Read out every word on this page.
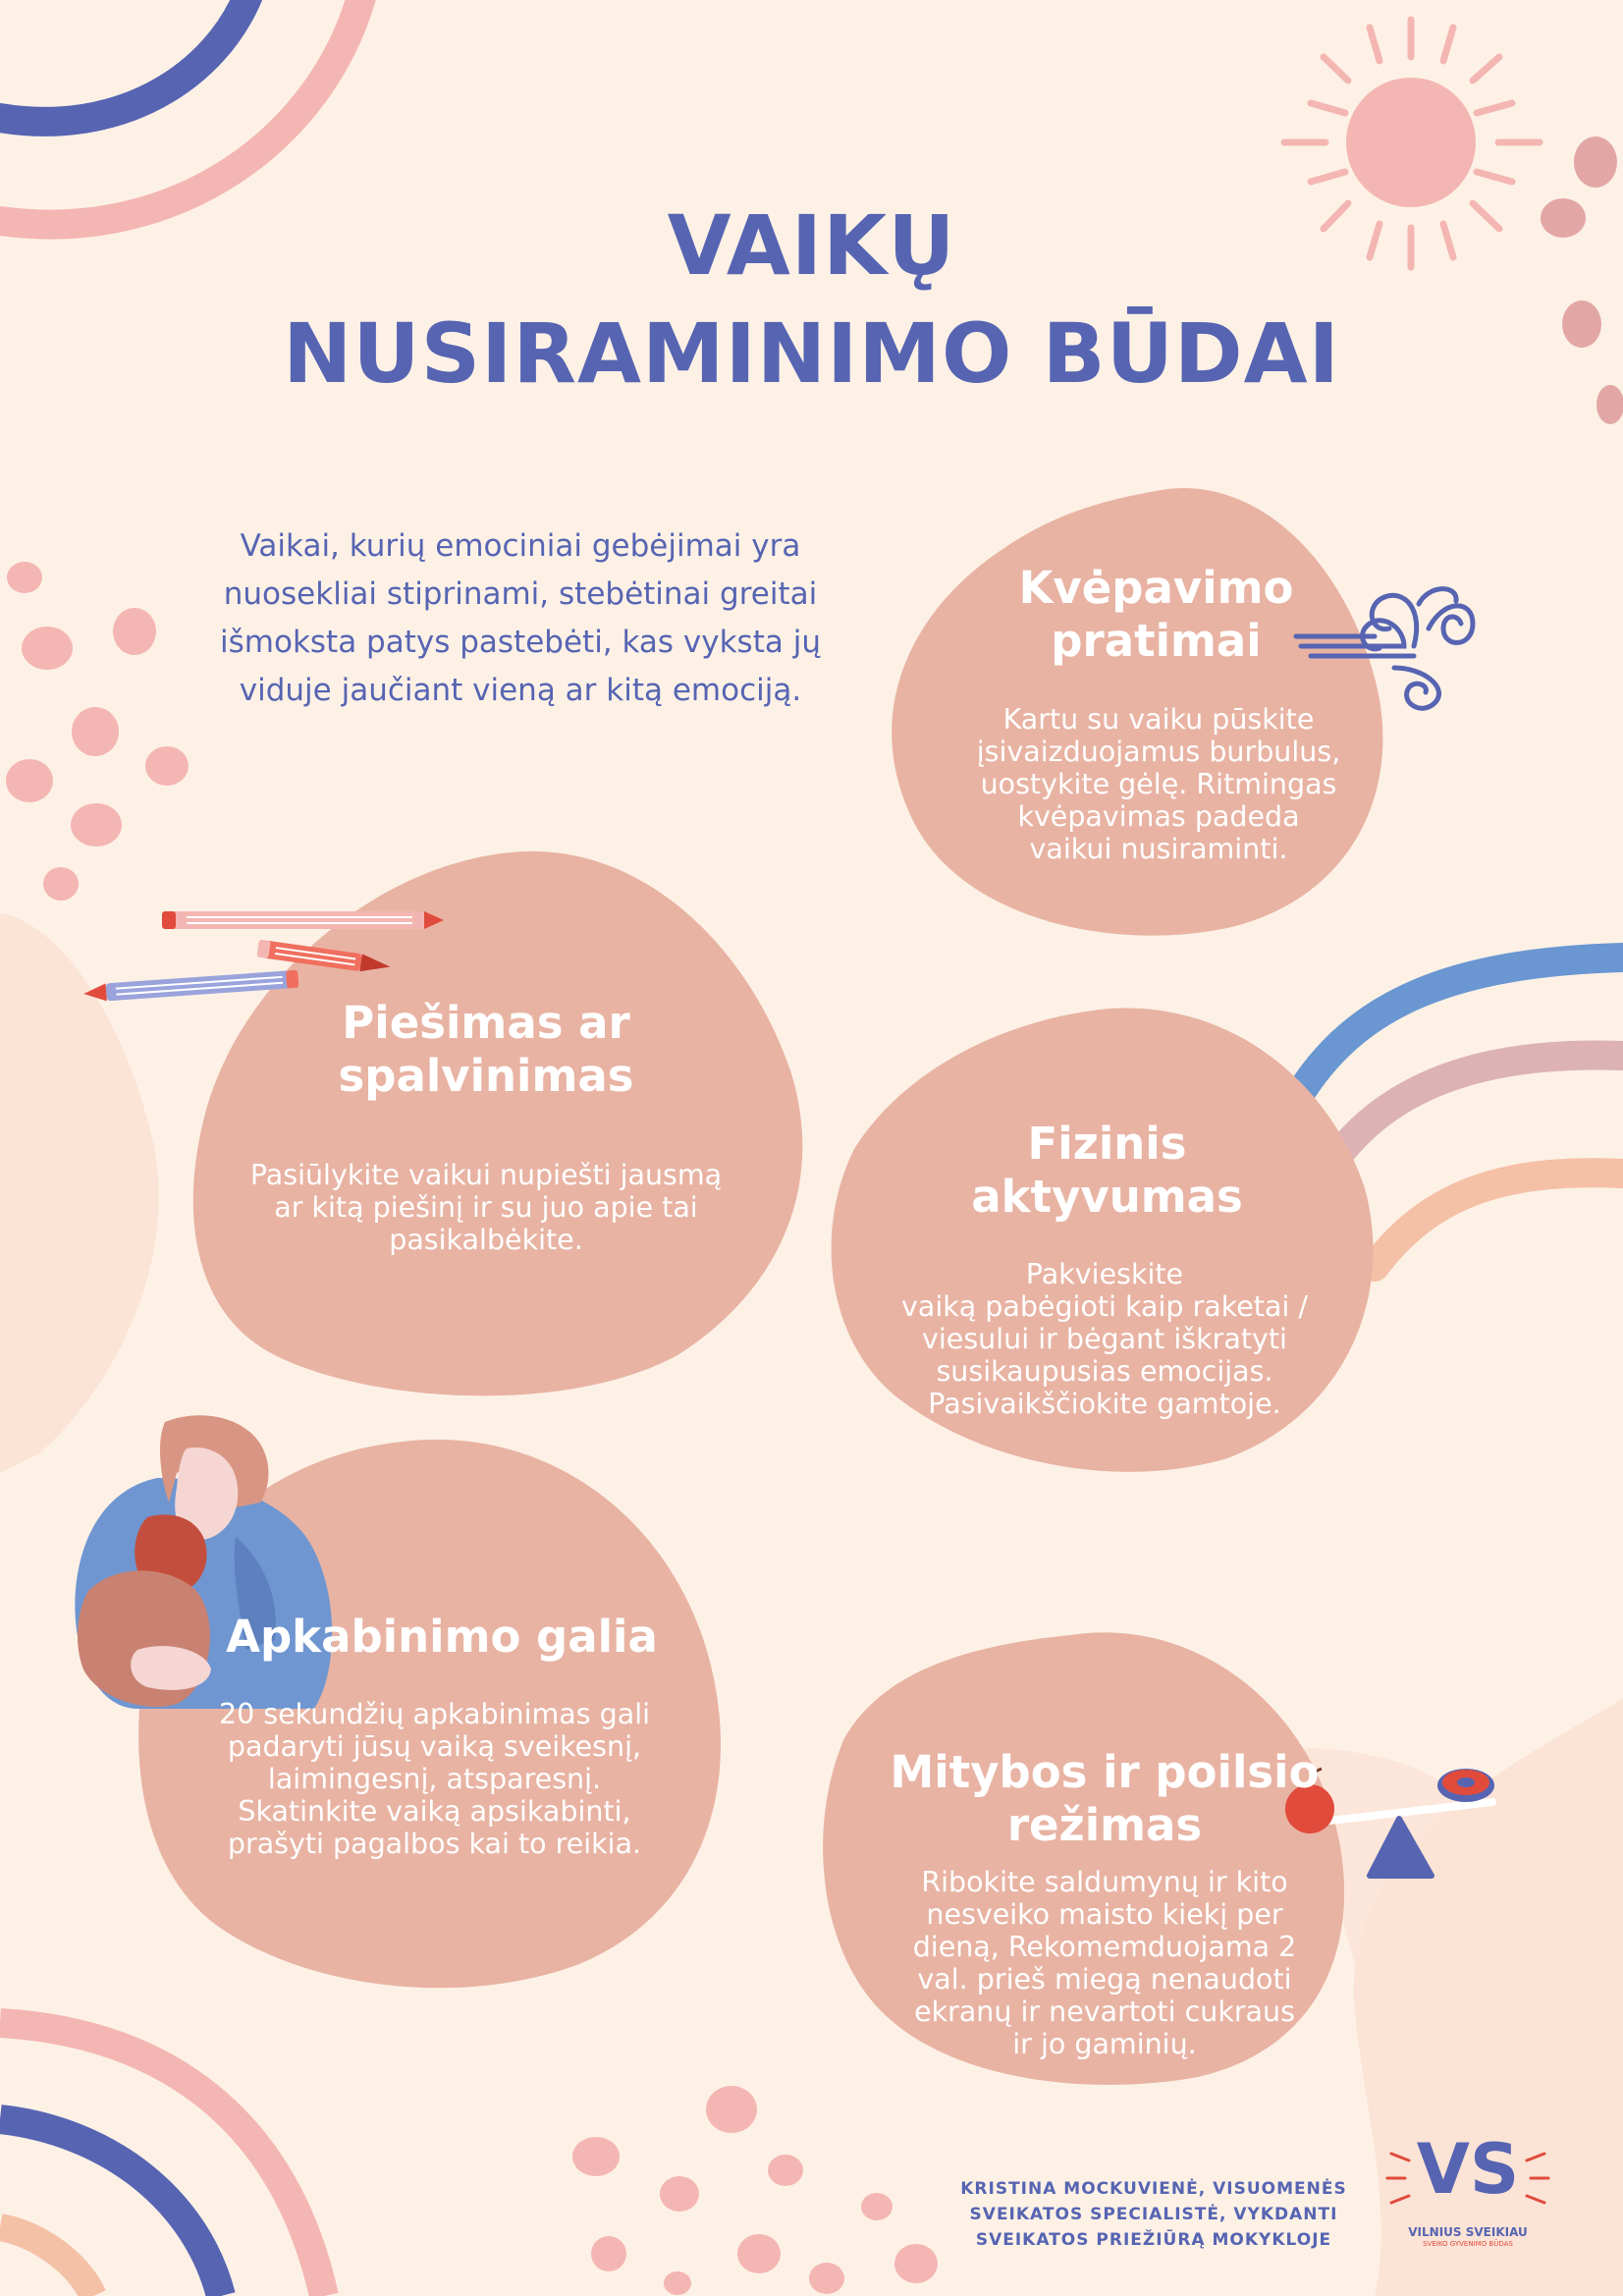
VAIKŲ
NUSIRAMINIMO BŪDAI

Vaikai, kurių emociniai gebėjimai yra nuosekliai stiprinami, stebėtinai greitai išmoksta patys pastebėti, kas vyksta jų viduje jaučiant vieną ar kitą emociją.

Kvėpavimo
pratimai

Kartu su vaiku pūskite
įsivaizduojamus burbulus,
uostykite gėlę. Ritmingas
kvėpavimas padeda
vaikui nusiraminti.

Piešimas ar
spalvinimas

Pasiūlykite vaikui nupiešti jausmą
ar kitą piešinį ir su juo apie tai
pasikalbėkite.

Fizinis
aktyvumas

Pakvieskite
vaiką pabėgioti kaip raketai /
viesului ir bėgant iškratyti
susikaupusias emocijas.
Pasivaikščiokite gamtoje.

Apkabinimo galia

20 sekundžių apkabinimas gali
padaryti jūsų vaiką sveikesnį,
laimingesnį, atsparesnį.
Skatinkite vaiką apsikabinti,
prašyti pagalbos kai to reikia.

Mitybos ir poilsio
režimas

Ribokite saldumynų ir kito
nesveiko maisto kiekį per
dieną, Rekomemduojama 2
val. prieš miegą nenaudoti
ekranų ir nevartoti cukraus
ir jo gaminių.

KRISTINA MOCKUVIENĖ, VISUOMENĖS
SVEIKATOS SPECIALISTĖ, VYKDANTI
SVEIKATOS PRIEŽIŪRĄ MOKYKLOJE

VS
VILNIUS SVEIKIAU
SVEIKO GYVENIMO BŪDAS
